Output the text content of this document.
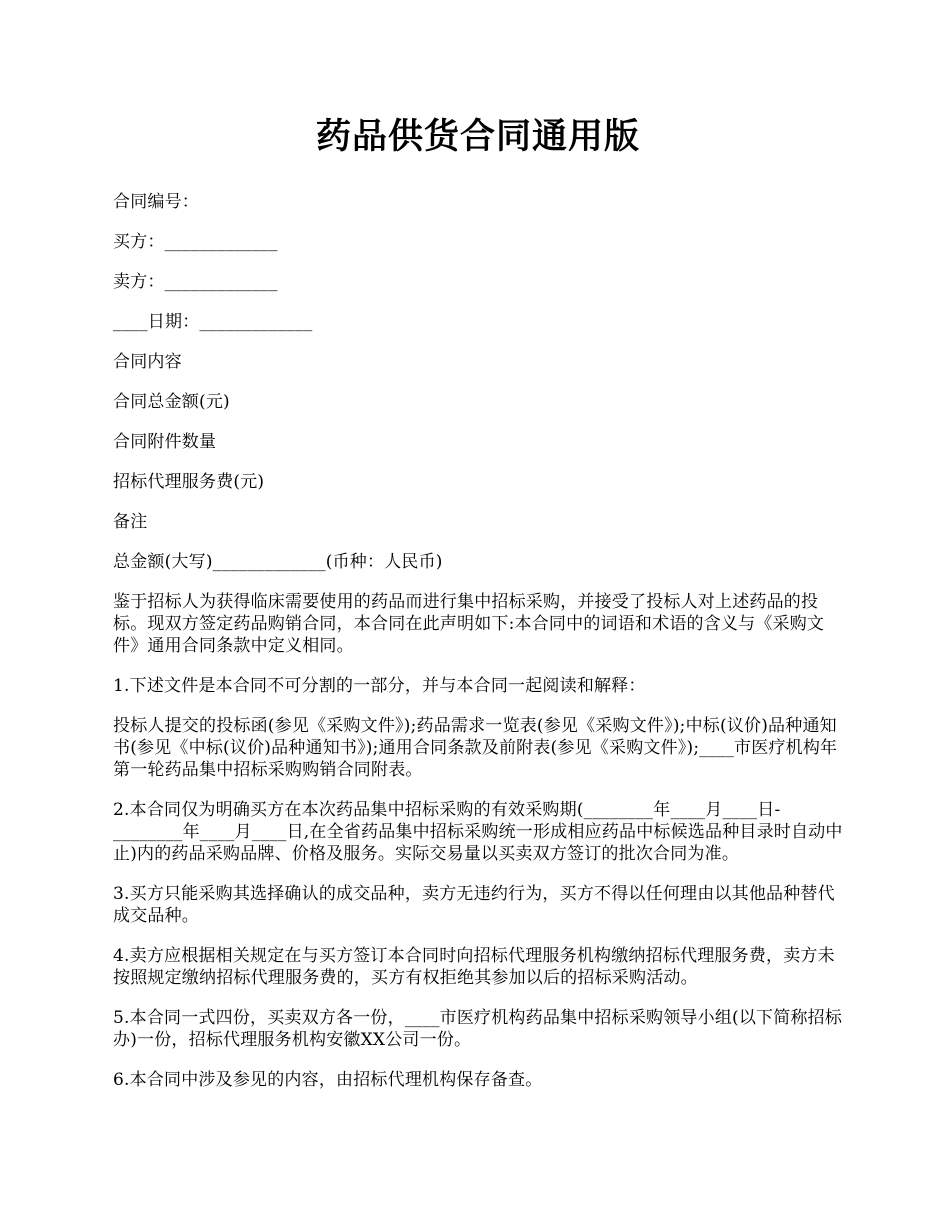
药品供货合同通用版

合同编号：

买方：_____________

卖方：_____________

____日期：_____________

合同内容

合同总金额(元)

合同附件数量

招标代理服务费(元)

备注

总金额(大写)_____________(币种：人民币)

鉴于招标人为获得临床需要使用的药品而进行集中招标采购，并接受了投标人对上述药品的投标。现双方签定药品购销合同，本合同在此声明如下:本合同中的词语和术语的含义与《采购文件》通用合同条款中定义相同。

1.下述文件是本合同不可分割的一部分，并与本合同一起阅读和解释：

投标人提交的投标函(参见《采购文件》);药品需求一览表(参见《采购文件》);中标(议价)品种通知书(参见《中标(议价)品种通知书》);通用合同条款及前附表(参见《采购文件》);____市医疗机构年第一轮药品集中招标采购购销合同附表。

2.本合同仅为明确买方在本次药品集中招标采购的有效采购期(________年____月____日-________年____月____日,在全省药品集中招标采购统一形成相应药品中标候选品种目录时自动中止)内的药品采购品牌、价格及服务。实际交易量以买卖双方签订的批次合同为准。

3.买方只能采购其选择确认的成交品种，卖方无违约行为，买方不得以任何理由以其他品种替代成交品种。

4.卖方应根据相关规定在与买方签订本合同时向招标代理服务机构缴纳招标代理服务费，卖方未按照规定缴纳招标代理服务费的，买方有权拒绝其参加以后的招标采购活动。

5.本合同一式四份，买卖双方各一份，____市医疗机构药品集中招标采购领导小组(以下简称招标办)一份，招标代理服务机构安徽XX公司一份。

6.本合同中涉及参见的内容，由招标代理机构保存备查。
